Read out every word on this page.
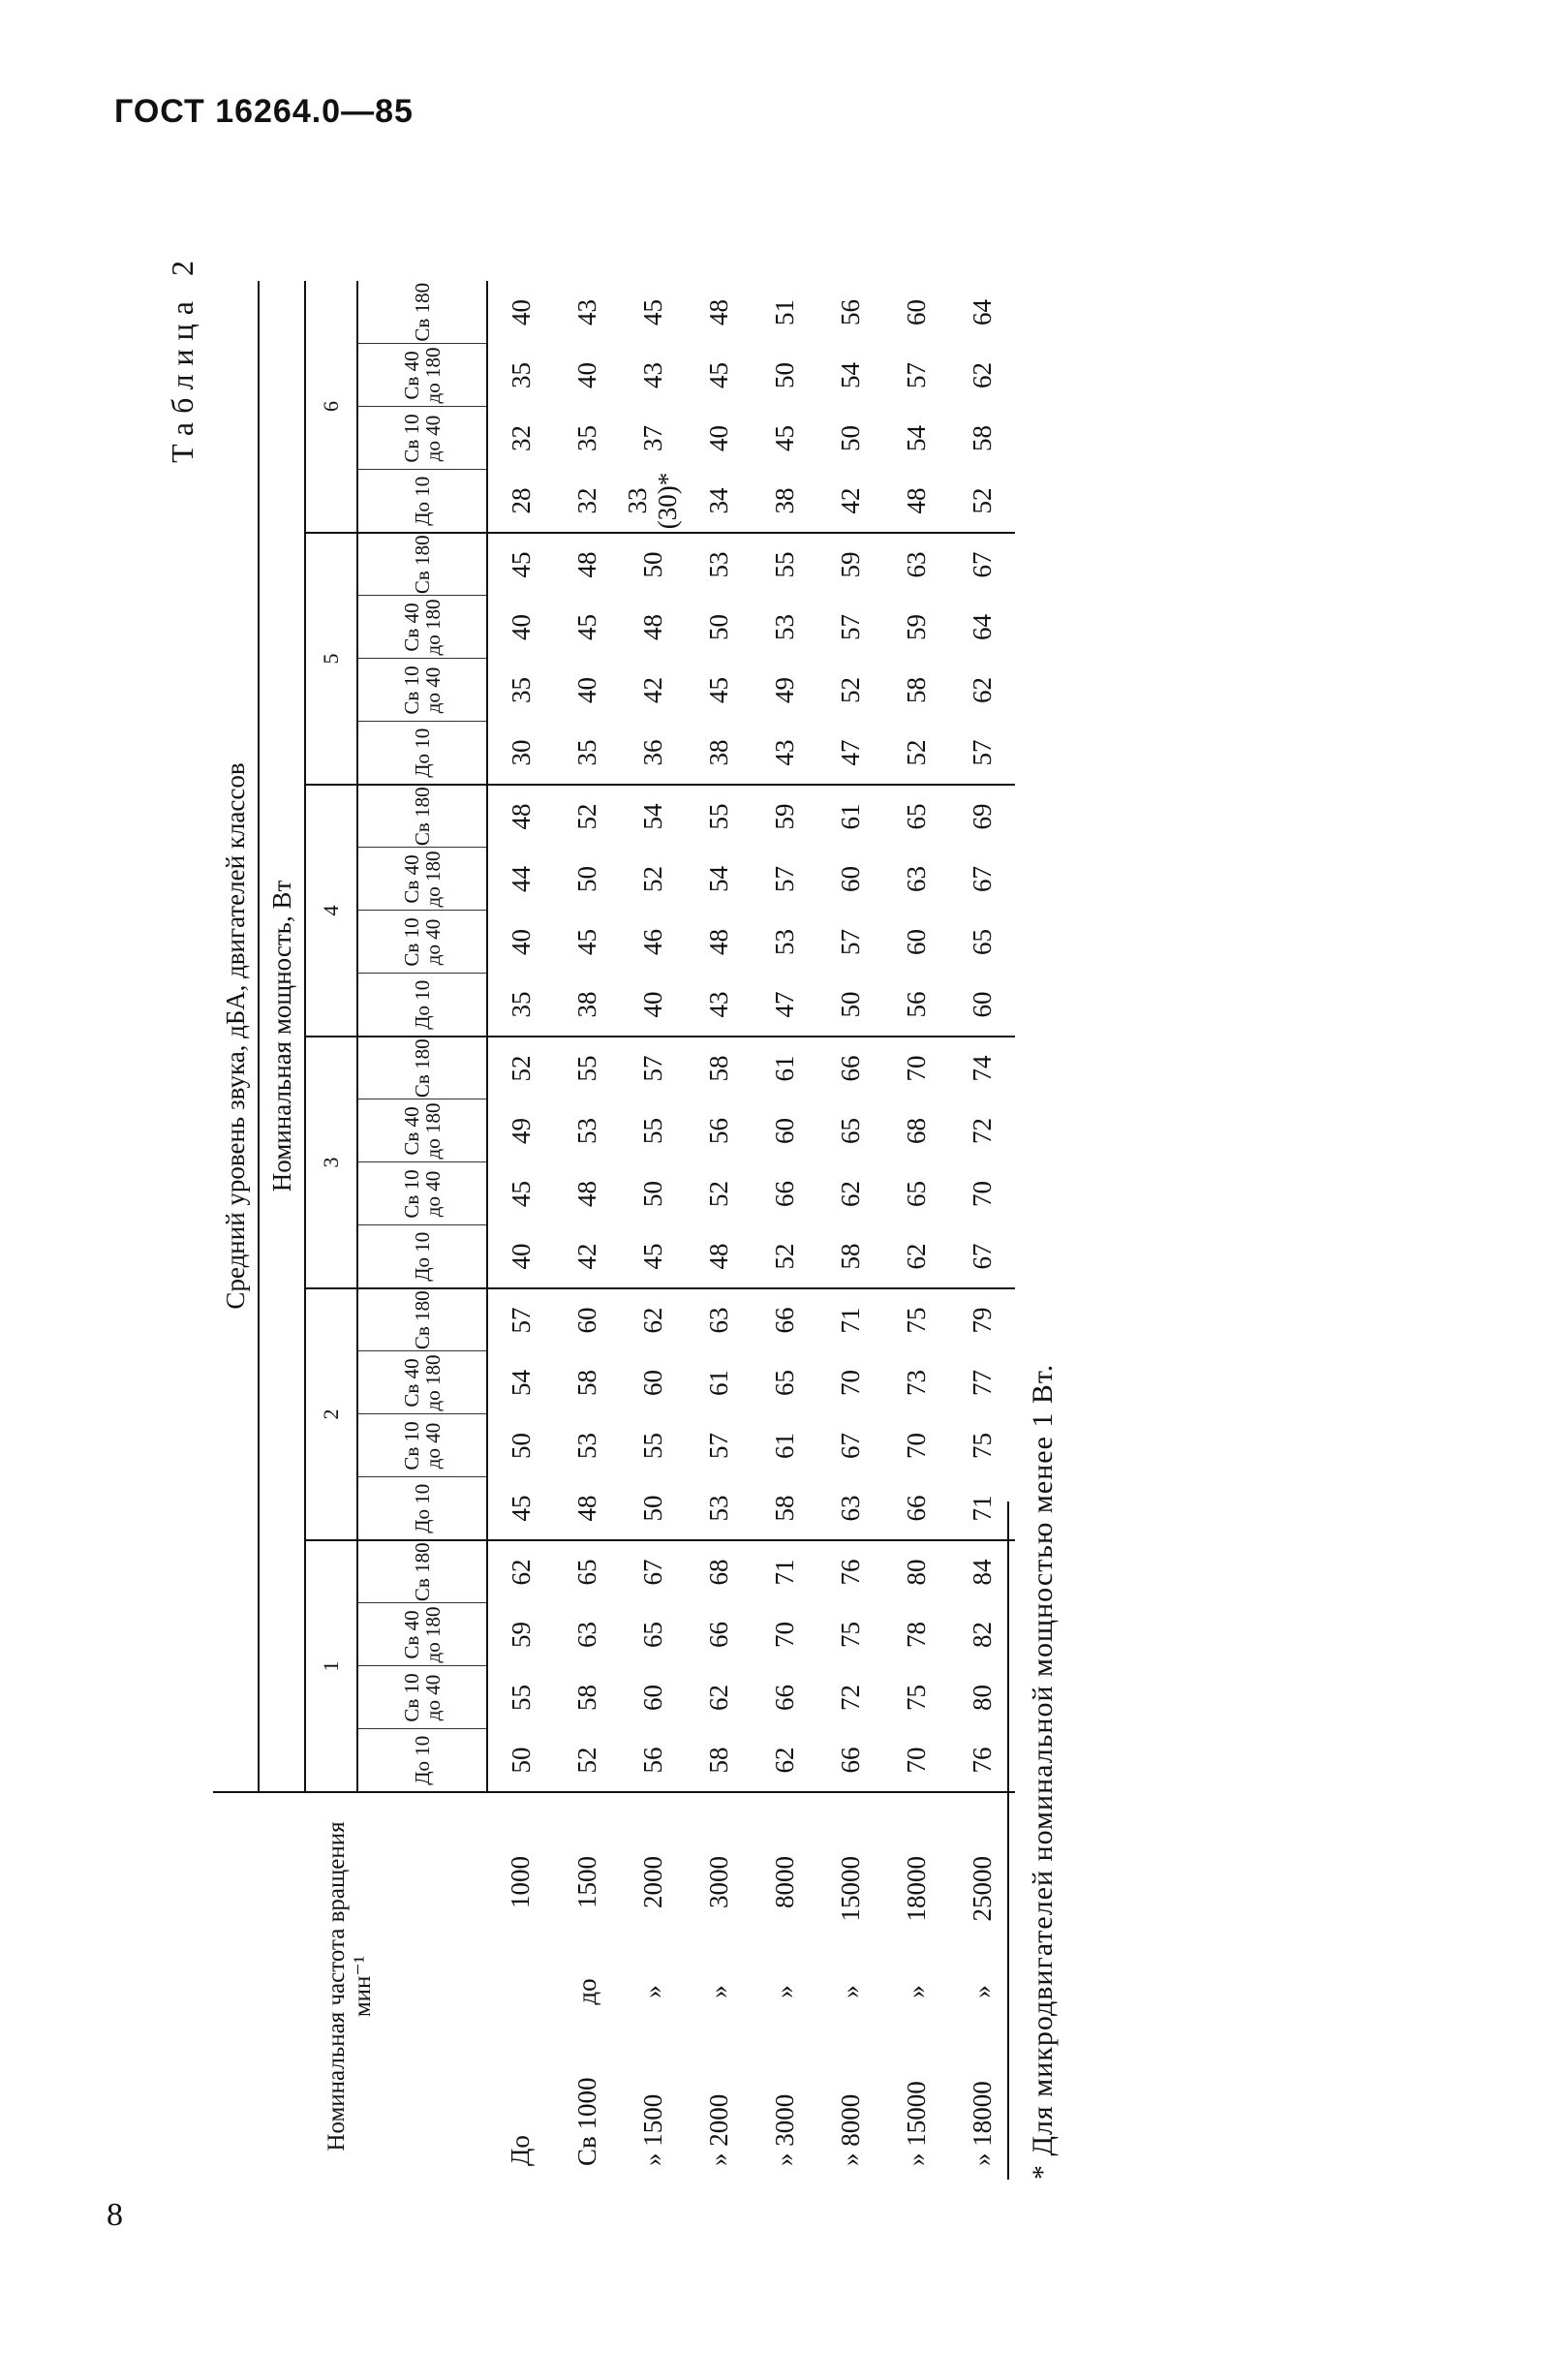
ГОСТ 16264.0—85
Таблица 2
Номинальная частота вращения мин⁻¹	Средний уровень звука, дБА, двигателей классов																							
	Номинальная мощность, Вт																							
	1				2				3				4				5				6			
	До 10	Св 10 до 40	Св 40 до 180	Св 180	До 10	Св 10 до 40	Св 40 до 180	Св 180	До 10	Св 10 до 40	Св 40 до 180	Св 180	До 10	Св 10 до 40	Св 40 до 180	Св 180	До 10	Св 10 до 40	Св 40 до 180	Св 180	До 10	Св 10 до 40	Св 40 до 180	Св 180
До1000	50	55	59	62	45	50	54	57	40	45	49	52	35	40	44	48	30	35	40	45	28	32	35	40
Св 1000до1500	52	58	63	65	48	53	58	60	42	48	53	55	38	45	50	52	35	40	45	48	32	35	40	43
» 1500»2000	56	60	65	67	50	55	60	62	45	50	55	57	40	46	52	54	36	42	48	50	33 (30)*	37	43	45
» 2000»3000	58	62	66	68	53	57	61	63	48	52	56	58	43	48	54	55	38	45	50	53	34	40	45	48
» 3000»8000	62	66	70	71	58	61	65	66	52	66	60	61	47	53	57	59	43	49	53	55	38	45	50	51
» 8000»15000	66	72	75	76	63	67	70	71	58	62	65	66	50	57	60	61	47	52	57	59	42	50	54	56
» 15000»18000	70	75	78	80	66	70	73	75	62	65	68	70	56	60	63	65	52	58	59	63	48	54	57	60
» 18000»25000	76	80	82	84	71	75	77	79	67	70	72	74	60	65	67	69	57	62	64	67	52	58	62	64
* Для микродвигателей номинальной мощностью менее 1 Вт.
8
